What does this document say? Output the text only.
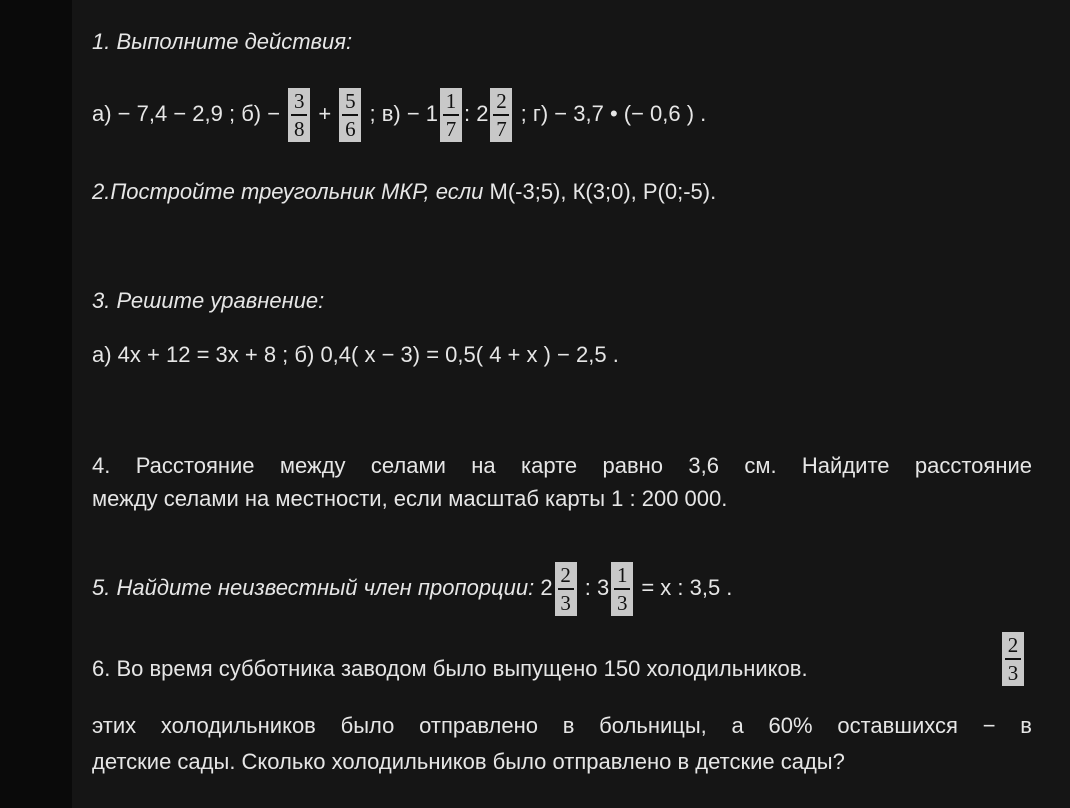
1. Выполните действия:
а) − 7,4 − 2,9 ; $б) - \frac{3}{8} + \frac{5}{6}$ ; $в) - 1 \frac{1}{7}$ : $2 \frac{2}{7}$ ; г) − 3,7 • (− 0,6 ) .
2.Постройте треугольник МКР, если М(-3;5), К(3;0), Р(0;-5).
3. Решите уравнение:
а) 4х + 12 = 3х + 8 ; б) 0,4( х − 3) = 0,5( 4 + х ) − 2,5 .
4. Расстояние между селами на карте равно 3,6 см. Найдите расстояние
между селами на местности, если масштаб карты 1 : 200 000.
5. Найдите неизвестный член пропорции: $2 \frac{2}{3}$ : $3 \frac{1}{3} = х$ : 3,5 .
6. Во время субботника заводом было выпущено 150 холодильников.	$\frac{2}{3}$
этих холодильников было отправлено в больницы, а 60% оставшихся − в
детские сады. Сколько холодильников было отправлено в детские сады?
